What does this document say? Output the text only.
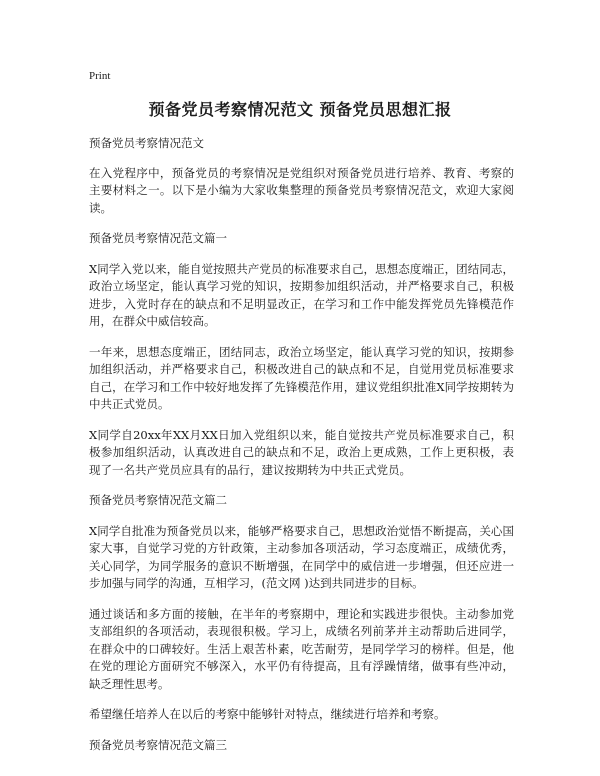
Print
预备党员考察情况范文 预备党员思想汇报

预备党员考察情况范文

在入党程序中，预备党员的考察情况是党组织对预备党员进行培养、教育、考察的主要材料之一。以下是小编为大家收集整理的预备党员考察情况范文，欢迎大家阅读。

预备党员考察情况范文篇一

X同学入党以来，能自觉按照共产党员的标准要求自己，思想态度端正，团结同志，政治立场坚定，能认真学习党的知识，按期参加组织活动，并严格要求自己，积极进步，入党时存在的缺点和不足明显改正，在学习和工作中能发挥党员先锋模范作用，在群众中威信较高。

一年来，思想态度端正，团结同志，政治立场坚定，能认真学习党的知识，按期参加组织活动，并严格要求自己，积极改进自己的缺点和不足，自觉用党员标准要求自己，在学习和工作中较好地发挥了先锋模范作用，建议党组织批准X同学按期转为中共正式党员。

X同学自20xx年XX月XX日加入党组织以来，能自觉按共产党员标准要求自己，积极参加组织活动，认真改进自己的缺点和不足，政治上更成熟，工作上更积极，表现了一名共产党员应具有的品行，建议按期转为中共正式党员。

预备党员考察情况范文篇二

X同学自批准为预备党员以来，能够严格要求自己，思想政治觉悟不断提高，关心国家大事，自觉学习党的方针政策，主动参加各项活动，学习态度端正，成绩优秀，关心同学，为同学服务的意识不断增强，在同学中的威信进一步增强，但还应进一步加强与同学的沟通，互相学习，(范文网 )达到共同进步的目标。

通过谈话和多方面的接触，在半年的考察期中，理论和实践进步很快。主动参加党支部组织的各项活动，表现很积极。学习上，成绩名列前茅并主动帮助后进同学，在群众中的口碑较好。生活上艰苦朴素，吃苦耐劳，是同学学习的榜样。但是，他在党的理论方面研究不够深入，水平仍有待提高，且有浮躁情绪，做事有些冲动，缺乏理性思考。

希望继任培养人在以后的考察中能够针对特点，继续进行培养和考察。

预备党员考察情况范文篇三
